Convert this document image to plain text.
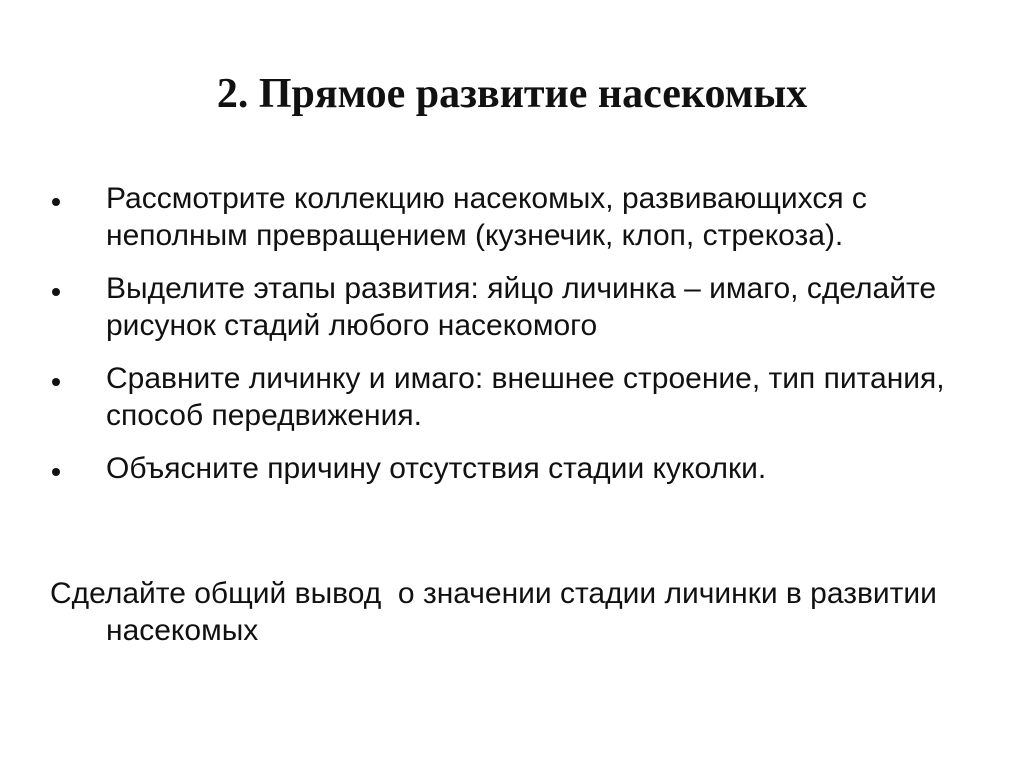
2. Прямое развитие насекомых
Рассмотрите коллекцию насекомых, развивающихся с неполным превращением (кузнечик, клоп, стрекоза).
Выделите этапы развития: яйцо личинка – имаго, сделайте рисунок стадий любого насекомого
Сравните личинку и имаго: внешнее строение, тип питания, способ передвижения.
Объясните причину отсутствия стадии куколки.

Сделайте общий вывод  о значении стадии личинки в развитии насекомых
